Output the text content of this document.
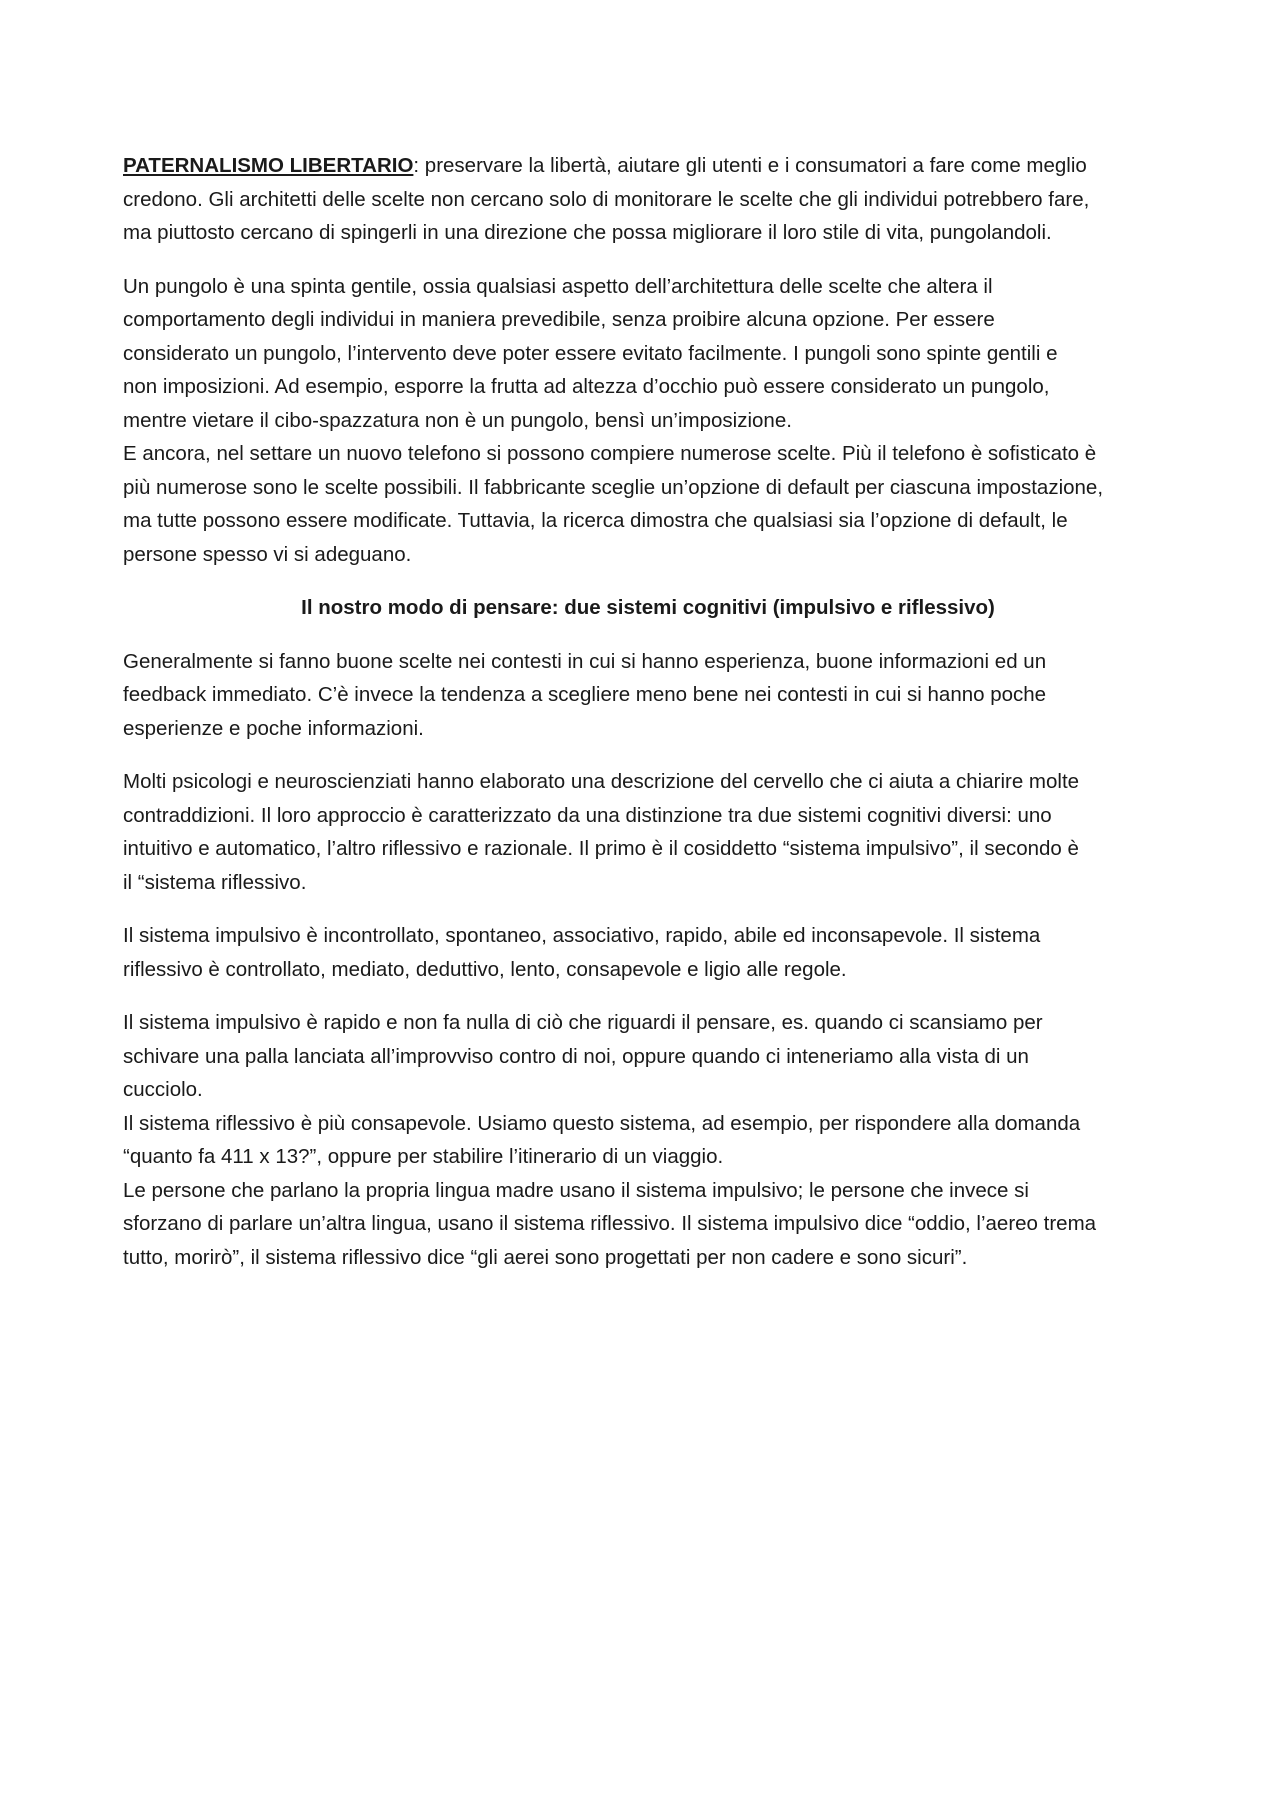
PATERNALISMO LIBERTARIO: preservare la libertà, aiutare gli utenti e i consumatori a fare come meglio
credono. Gli architetti delle scelte non cercano solo di monitorare le scelte che gli individui potrebbero fare,
ma piuttosto cercano di spingerli in una direzione che possa migliorare il loro stile di vita, pungolandoli.

Un pungolo è una spinta gentile, ossia qualsiasi aspetto dell’architettura delle scelte che altera il
comportamento degli individui in maniera prevedibile, senza proibire alcuna opzione. Per essere
considerato un pungolo, l’intervento deve poter essere evitato facilmente. I pungoli sono spinte gentili e
non imposizioni. Ad esempio, esporre la frutta ad altezza d’occhio può essere considerato un pungolo,
mentre vietare il cibo-spazzatura non è un pungolo, bensì un’imposizione.
E ancora, nel settare un nuovo telefono si possono compiere numerose scelte. Più il telefono è sofisticato è
più numerose sono le scelte possibili. Il fabbricante sceglie un’opzione di default per ciascuna impostazione,
ma tutte possono essere modificate. Tuttavia, la ricerca dimostra che qualsiasi sia l’opzione di default, le
persone spesso vi si adeguano.

Il nostro modo di pensare: due sistemi cognitivi (impulsivo e riflessivo)

Generalmente si fanno buone scelte nei contesti in cui si hanno esperienza, buone informazioni ed un
feedback immediato. C’è invece la tendenza a scegliere meno bene nei contesti in cui si hanno poche
esperienze e poche informazioni.

Molti psicologi e neuroscienziati hanno elaborato una descrizione del cervello che ci aiuta a chiarire molte
contraddizioni. Il loro approccio è caratterizzato da una distinzione tra due sistemi cognitivi diversi: uno
intuitivo e automatico, l’altro riflessivo e razionale. Il primo è il cosiddetto “sistema impulsivo”, il secondo è
il “sistema riflessivo.

Il sistema impulsivo è incontrollato, spontaneo, associativo, rapido, abile ed inconsapevole. Il sistema
riflessivo è controllato, mediato, deduttivo, lento, consapevole e ligio alle regole.

Il sistema impulsivo è rapido e non fa nulla di ciò che riguardi il pensare, es. quando ci scansiamo per
schivare una palla lanciata all’improvviso contro di noi, oppure quando ci inteneriamo alla vista di un
cucciolo.
Il sistema riflessivo è più consapevole. Usiamo questo sistema, ad esempio, per rispondere alla domanda
“quanto fa 411 x 13?”, oppure per stabilire l’itinerario di un viaggio.
Le persone che parlano la propria lingua madre usano il sistema impulsivo; le persone che invece si
sforzano di parlare un’altra lingua, usano il sistema riflessivo. Il sistema impulsivo dice “oddio, l’aereo trema
tutto, morirò”, il sistema riflessivo dice “gli aerei sono progettati per non cadere e sono sicuri”.
